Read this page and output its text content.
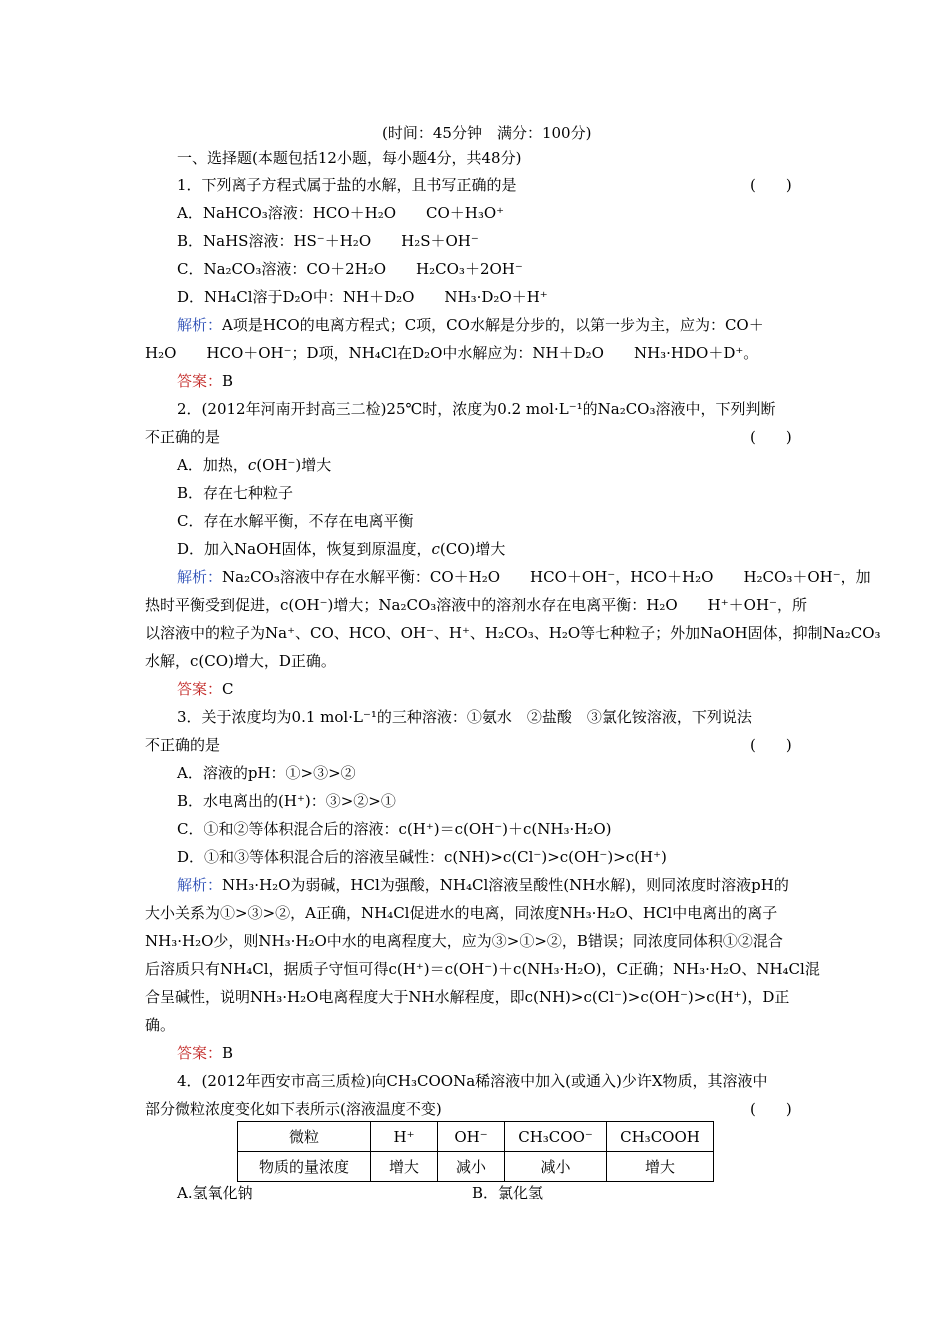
(时间：45分钟　满分：100分)
一、选择题(本题包括12小题，每小题4分，共48分)
1．下列离子方程式属于盐的水解，且书写正确的是	(　　)
A．NaHCO₃溶液：HCO＋H₂O　　CO＋H₃O⁺
B．NaHS溶液：HS⁻＋H₂O　　H₂S＋OH⁻
C．Na₂CO₃溶液：CO＋2H₂O　　H₂CO₃＋2OH⁻
D．NH₄Cl溶于D₂O中：NH＋D₂O　　NH₃·D₂O＋H⁺
解析：A项是HCO的电离方程式；C项，CO水解是分步的，以第一步为主，应为：CO＋
H₂O　　HCO＋OH⁻；D项，NH₄Cl在D₂O中水解应为：NH＋D₂O　　NH₃·HDO＋D⁺。
答案：B
2．(2012年河南开封高三二检)25℃时，浓度为0.2 mol·L⁻¹的Na₂CO₃溶液中，下列判断
不正确的是	(　　)
A．加热，c(OH⁻)增大
B．存在七种粒子
C．存在水解平衡，不存在电离平衡
D．加入NaOH固体，恢复到原温度，c(CO)增大
解析：Na₂CO₃溶液中存在水解平衡：CO＋H₂O　　HCO＋OH⁻，HCO＋H₂O　　H₂CO₃＋OH⁻，加
热时平衡受到促进，c(OH⁻)增大；Na₂CO₃溶液中的溶剂水存在电离平衡：H₂O　　H⁺＋OH⁻，所
以溶液中的粒子为Na⁺、CO、HCO、OH⁻、H⁺、H₂CO₃、H₂O等七种粒子；外加NaOH固体，抑制Na₂CO₃
水解，c(CO)增大，D正确。
答案：C
3．关于浓度均为0.1 mol·L⁻¹的三种溶液：①氨水　②盐酸　③氯化铵溶液，下列说法
不正确的是	(　　)
A．溶液的pH：①>③>②
B．水电离出的(H⁺)：③>②>①
C．①和②等体积混合后的溶液：c(H⁺)＝c(OH⁻)＋c(NH₃·H₂O)
D．①和③等体积混合后的溶液呈碱性：c(NH)>c(Cl⁻)>c(OH⁻)>c(H⁺)
解析：NH₃·H₂O为弱碱，HCl为强酸，NH₄Cl溶液呈酸性(NH水解)，则同浓度时溶液pH的
大小关系为①>③>②，A正确，NH₄Cl促进水的电离，同浓度NH₃·H₂O、HCl中电离出的离子
NH₃·H₂O少，则NH₃·H₂O中水的电离程度大，应为③>①>②，B错误；同浓度同体积①②混合
后溶质只有NH₄Cl，据质子守恒可得c(H⁺)＝c(OH⁻)＋c(NH₃·H₂O)，C正确；NH₃·H₂O、NH₄Cl混
合呈碱性，说明NH₃·H₂O电离程度大于NH水解程度，即c(NH)>c(Cl⁻)>c(OH⁻)>c(H⁺)，D正
确。
答案：B
4．(2012年西安市高三质检)向CH₃COONa稀溶液中加入(或通入)少许X物质，其溶液中
部分微粒浓度变化如下表所示(溶液温度不变)	(　　)
微粒	H⁺	OH⁻	CH₃COO⁻	CH₃COOH
物质的量浓度	增大	减小	减小	增大
A.氢氧化钠	B．氯化氢
